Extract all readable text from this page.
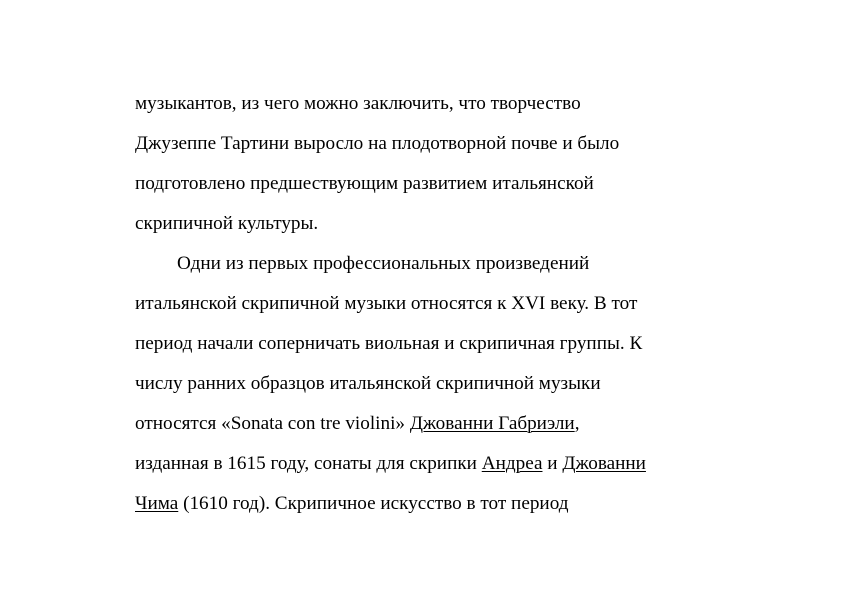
музыкантов, из чего можно заключить, что творчество
Джузеппе Тартини выросло на плодотворной почве и было
подготовлено предшествующим развитием итальянской
скрипичной культуры.
Одни из первых профессиональных произведений
итальянской скрипичной музыки относятся к XVI веку. В тот
период начали соперничать виольная и скрипичная группы. К
числу ранних образцов итальянской скрипичной музыки
относятся «Sonata con tre violini» Джованни Габриэли,
изданная в 1615 году, сонаты для скрипки Андреа и Джованни
Чима (1610 год). Скрипичное искусство в тот период
